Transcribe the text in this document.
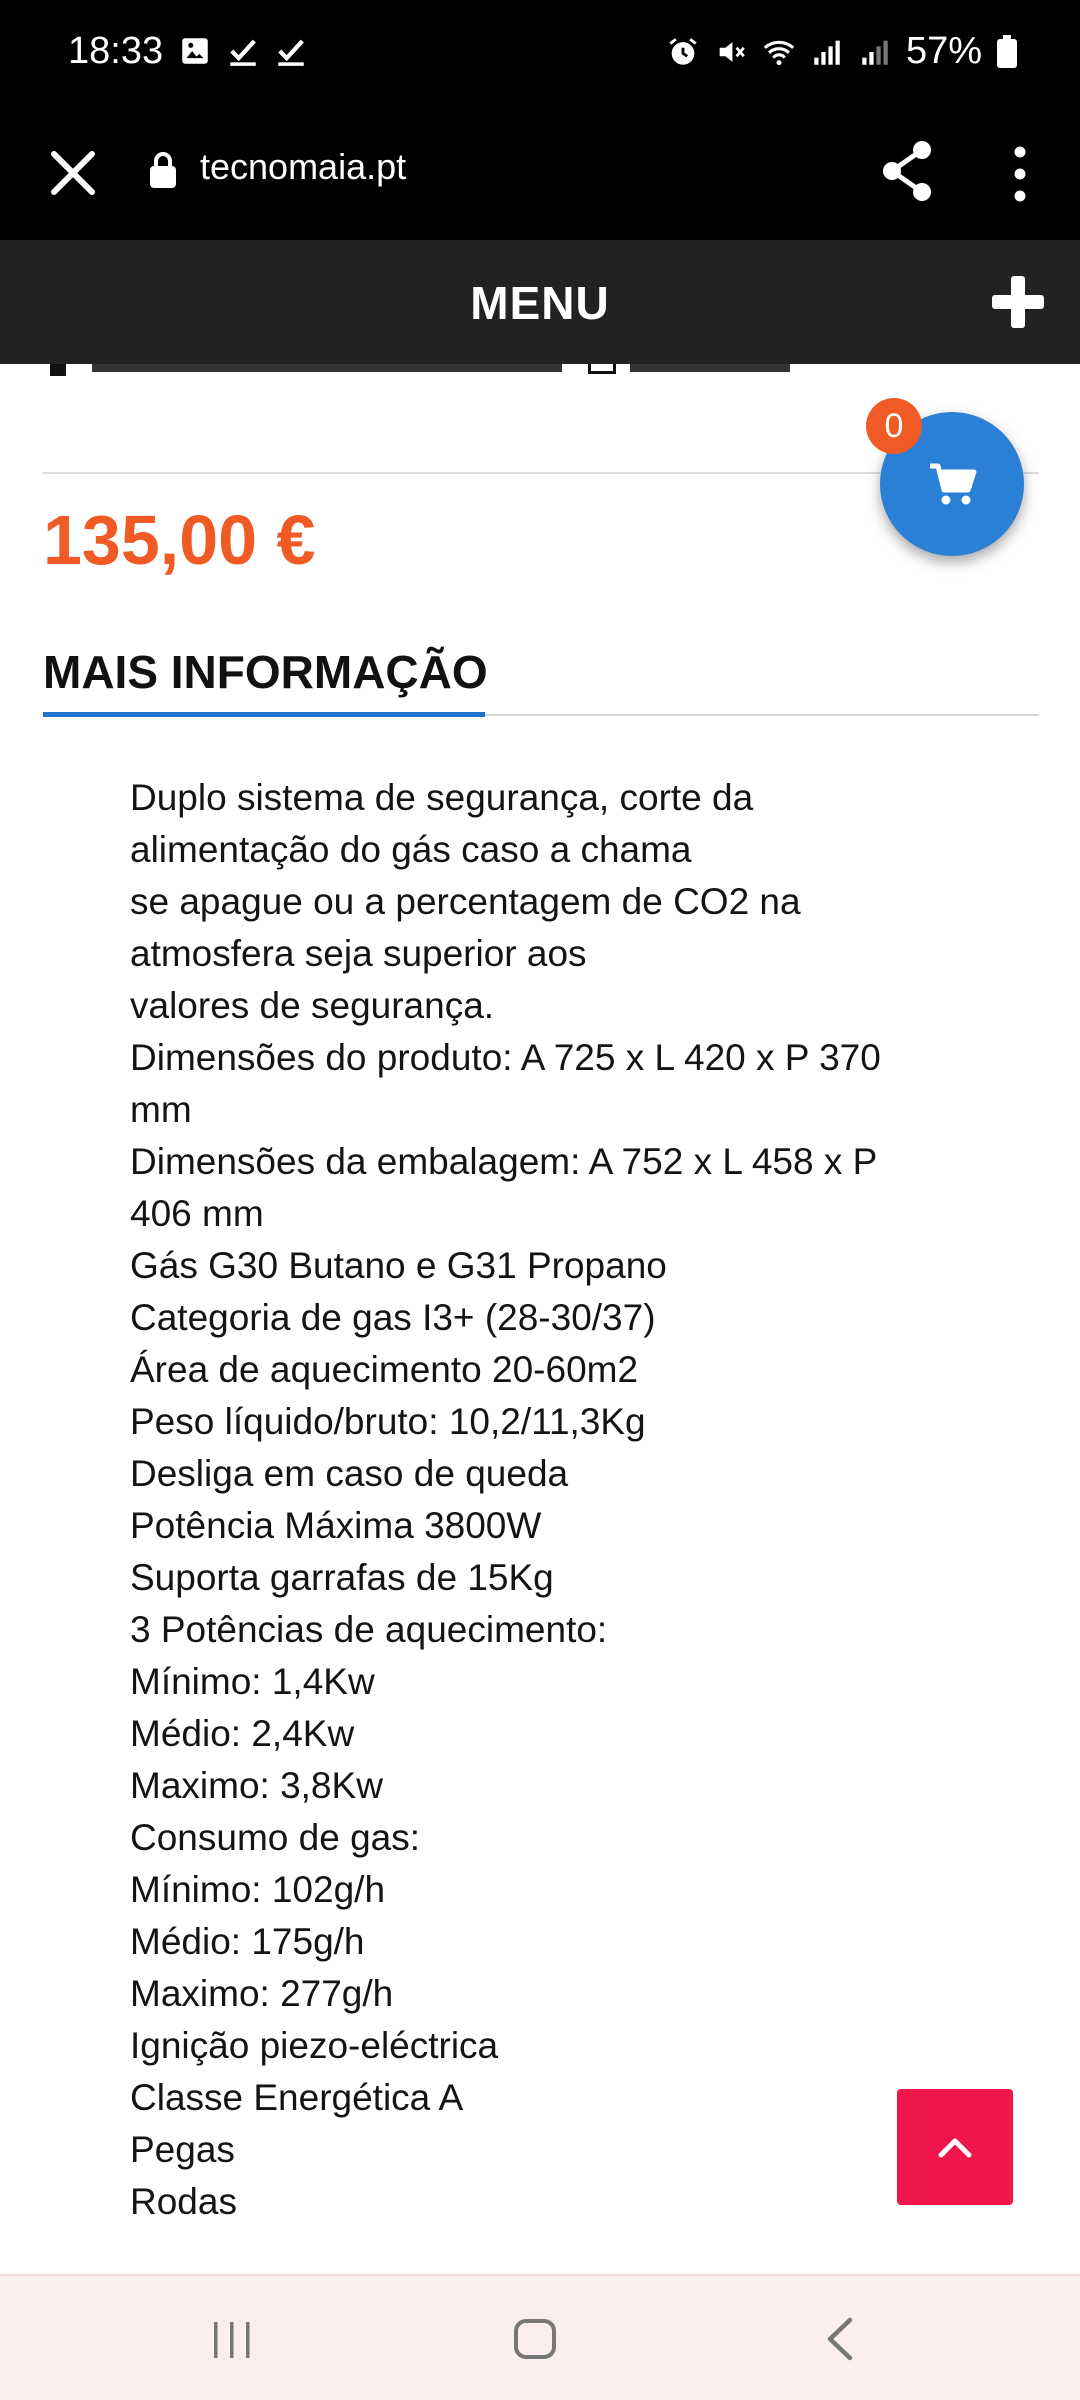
18:33	57%
tecnomaia.pt
MENU
135,00 €
MAIS INFORMAÇÃO
Duplo sistema de segurança, corte da
alimentação do gás caso a chama
se apague ou a percentagem de CO2 na
atmosfera seja superior aos
valores de segurança.
Dimensões do produto: A 725 x L 420 x P 370
mm
Dimensões da embalagem: A 752 x L 458 x P
406 mm
Gás G30 Butano e G31 Propano
Categoria de gas I3+ (28-30/37)
Área de aquecimento 20-60m2
Peso líquido/bruto: 10,2/11,3Kg
Desliga em caso de queda
Potência Máxima 3800W
Suporta garrafas de 15Kg
3 Potências de aquecimento:
Mínimo: 1,4Kw
Médio: 2,4Kw
Maximo: 3,8Kw
Consumo de gas:
Mínimo: 102g/h
Médio: 175g/h
Maximo: 277g/h
Ignição piezo-eléctrica
Classe Energética A
Pegas
Rodas
0
